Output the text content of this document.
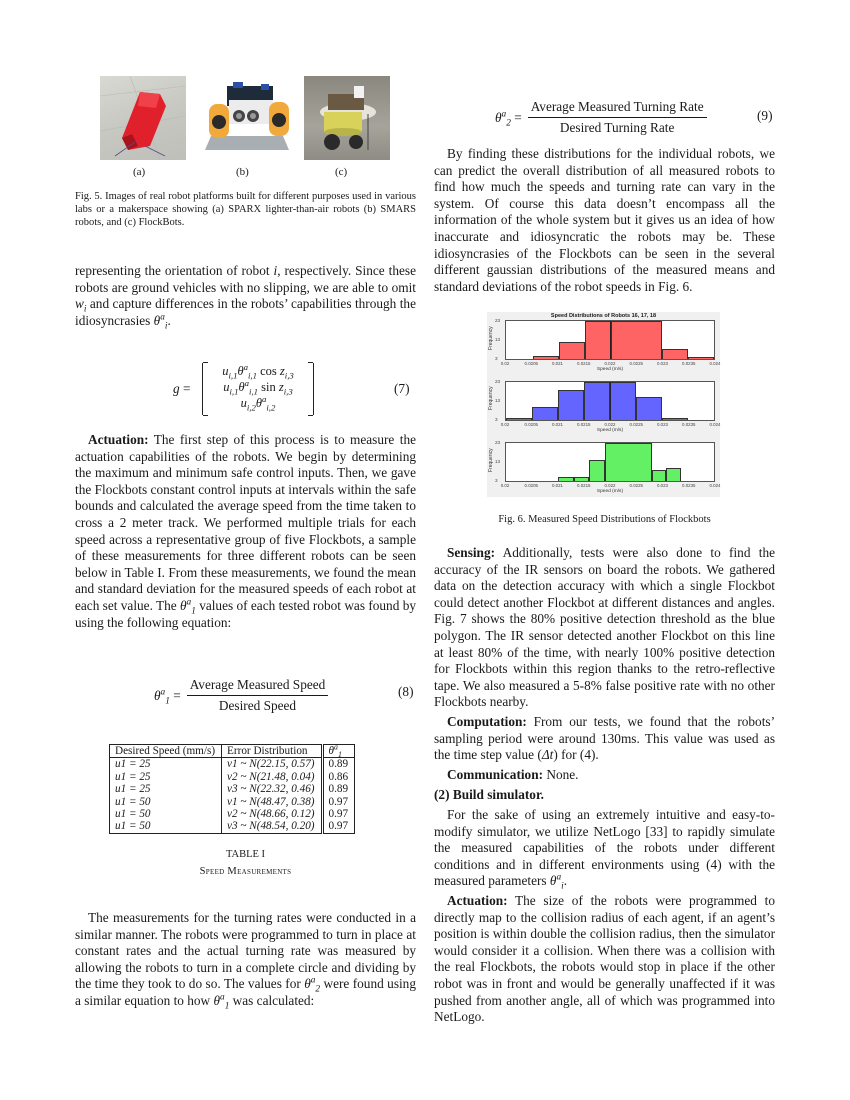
(a)	(b)	(c)

Fig. 5. Images of real robot platforms built for different purposes used in various labs or a makerspace showing (a) SPARX lighter-than-air robots (b) SMARS robots, and (c) FlockBots.

representing the orientation of robot i, respectively. Since these robots are ground vehicles with no slipping, we are able to omit $w_i$ and capture differences in the robots’ capabilities through the idiosyncrasies $\theta^a_i$.

g =
$u_{i,1}\theta^a_{i,1}$ $\cos z_{i,3}$
$u_{i,1}\theta^a_{i,1}$ $\sin z_{i,3}$
$u_{i,2}\theta^a_{i,2}$
(7)

Actuation: The first step of this process is to measure the actuation capabilities of the robots. We begin by determining the maximum and minimum safe control inputs. Then, we gave the Flockbots constant control inputs at intervals within the safe bounds and calculated the average speed from the time taken to cross a 2 meter track. We performed multiple trials for each speed across a representative group of five Flockbots, a sample of these measurements for three different robots can be seen below in Table I. From these measurements, we found the mean and standard deviation for the measured speeds of each robot at each set value. The $\theta^a_1$ values of each tested robot was found by using the following equation:

$\theta^a_1 = \frac{\text{Average Measured Speed}}{\text{Desired Speed}}$	(8)
Desired Speed (mm/s)	Error Distribution	$\theta^a_1$
u1 = 25	v1 ~ N(22.15, 0.57)	0.89
u1 = 25	v2 ~ N(21.48, 0.04)	0.86
u1 = 25	v3 ~ N(22.32, 0.46)	0.89
u1 = 50	v1 ~ N(48.47, 0.38)	0.97
u1 = 50	v2 ~ N(48.66, 0.12)	0.97
u1 = 50	v3 ~ N(48.54, 0.20)	0.97
TABLE I
Speed Measurements

The measurements for the turning rates were conducted in a similar manner. The robots were programmed to turn in place at constant rates and the actual turning rate was measured by allowing the robots to turn in a complete circle and dividing by the time they took to do so. The values for $\theta^a_2$ were found using a similar equation to how $\theta^a_1$ was calculated:

$\theta^a_2 = \frac{\text{Average Measured Turning Rate}}{\text{Desired Turning Rate}}$	(9)

By finding these distributions for the individual robots, we can predict the overall distribution of all measured robots to find how much the speeds and turning rate can vary in the system. Of course this data doesn’t encompass all the information of the whole system but it gives us an idea of how inaccurate and idiosyncratic the robots may be. These idiosyncrasies of the Flockbots can be seen in the several different gaussian distributions of the measured means and standard deviations of the robot speeds in Fig. 6.

Speed Distributions of Robots 16, 17, 18
Frequency
23
13
3
0.02	0.0205	0.021	0.0215	0.022	0.0225	0.023	0.0235	0.024
Speed (m/s)
Frequency
23
13
3
0.02	0.0205	0.021	0.0215	0.022	0.0225	0.023	0.0235	0.024
Speed (m/s)
Frequency
23
13
3
0.02	0.0205	0.021	0.0215	0.022	0.0225	0.023	0.0235	0.024
Speed (m/s)

Fig. 6. Measured Speed Distributions of Flockbots

Sensing: Additionally, tests were also done to find the accuracy of the IR sensors on board the robots. We gathered data on the detection accuracy with which a single Flockbot could detect another Flockbot at different distances and angles. Fig. 7 shows the 80% positive detection threshold as the blue polygon. The IR sensor detected another Flockbot on this line at least 80% of the time, with nearly 100% positive detection for Flockbots within this region thanks to the retro-reflective tape. We also measured a 5-8% false positive rate with no other Flockbots nearby.

Computation: From our tests, we found that the robots’ sampling period were around 130ms. This value was used as the time step value (Δt) for (4).

Communication: None.

(2) Build simulator.

For the sake of using an extremely intuitive and easy-to-modify simulator, we utilize NetLogo [33] to rapidly simulate the measured capabilities of the robots under different conditions and in different environments using (4) with the measured parameters $\theta^a_i$.

Actuation: The size of the robots were programmed to directly map to the collision radius of each agent, if an agent’s position is within double the collision radius, then the simulator would consider it a collision. When there was a collision with the real Flockbots, the robots would stop in place if the other robot was in front and would be generally unaffected if it was pushed from another angle, all of which was programmed into NetLogo.
